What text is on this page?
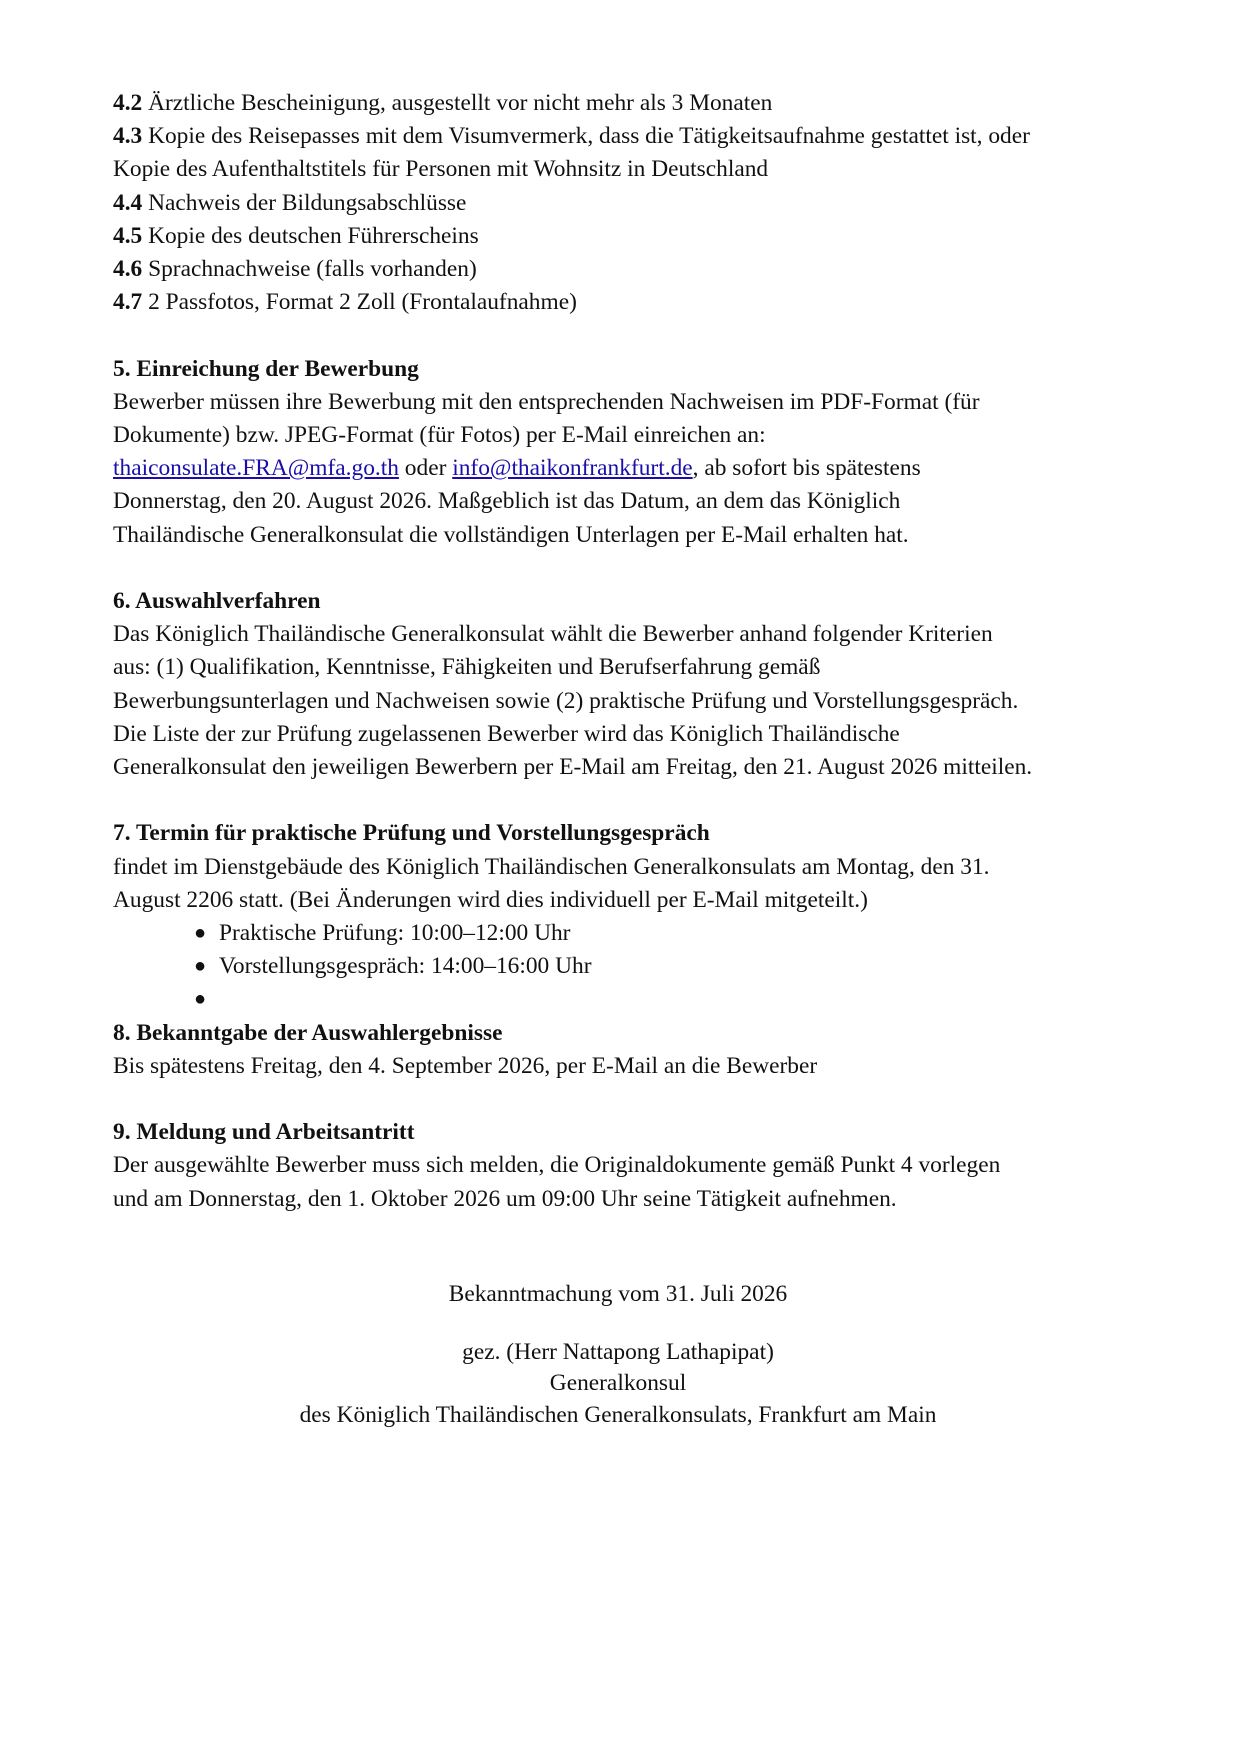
4.2 Ärztliche Bescheinigung, ausgestellt vor nicht mehr als 3 Monaten

4.3 Kopie des Reisepasses mit dem Visumvermerk, dass die Tätigkeitsaufnahme gestattet ist, oder

Kopie des Aufenthaltstitels für Personen mit Wohnsitz in Deutschland

4.4 Nachweis der Bildungsabschlüsse

4.5 Kopie des deutschen Führerscheins

4.6 Sprachnachweise (falls vorhanden)

4.7 2 Passfotos, Format 2 Zoll (Frontalaufnahme)

5. Einreichung der Bewerbung

Bewerber müssen ihre Bewerbung mit den entsprechenden Nachweisen im PDF-Format (für

Dokumente) bzw. JPEG-Format (für Fotos) per E-Mail einreichen an:

thaiconsulate.FRA@mfa.go.th oder info@thaikonfrankfurt.de, ab sofort bis spätestens

Donnerstag, den 20. August 2026. Maßgeblich ist das Datum, an dem das Königlich

Thailändische Generalkonsulat die vollständigen Unterlagen per E-Mail erhalten hat.

6. Auswahlverfahren

Das Königlich Thailändische Generalkonsulat wählt die Bewerber anhand folgender Kriterien

aus: (1) Qualifikation, Kenntnisse, Fähigkeiten und Berufserfahrung gemäß

Bewerbungsunterlagen und Nachweisen sowie (2) praktische Prüfung und Vorstellungsgespräch.

Die Liste der zur Prüfung zugelassenen Bewerber wird das Königlich Thailändische

Generalkonsulat den jeweiligen Bewerbern per E-Mail am Freitag, den 21. August 2026 mitteilen.

7. Termin für praktische Prüfung und Vorstellungsgespräch

findet im Dienstgebäude des Königlich Thailändischen Generalkonsulats am Montag, den 31.

August 2206 statt. (Bei Änderungen wird dies individuell per E-Mail mitgeteilt.)

● Praktische Prüfung: 10:00–12:00 Uhr
● Vorstellungsgespräch: 14:00–16:00 Uhr
●

8. Bekanntgabe der Auswahlergebnisse

Bis spätestens Freitag, den 4. September 2026, per E-Mail an die Bewerber

9. Meldung und Arbeitsantritt

Der ausgewählte Bewerber muss sich melden, die Originaldokumente gemäß Punkt 4 vorlegen

und am Donnerstag, den 1. Oktober 2026 um 09:00 Uhr seine Tätigkeit aufnehmen.

Bekanntmachung vom 31. Juli 2026

gez. (Herr Nattapong Lathapipat)

Generalkonsul

des Königlich Thailändischen Generalkonsulats, Frankfurt am Main
